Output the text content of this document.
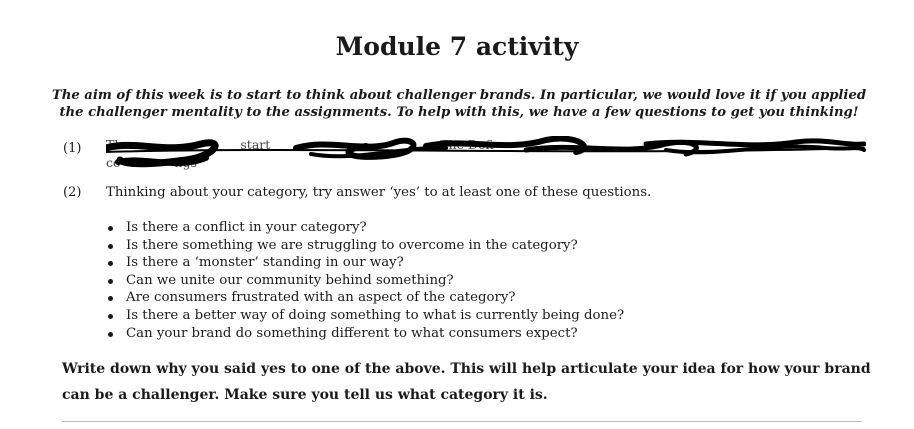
Module 7 activity
The aim of this week is to start to think about challenger brands. In particular, we would love it if you applied the challenger mentality to the assignments. To help with this, we have a few questions to get you thinking!
(1) Th	start	The Defi
co	ngs
(2) Thinking about your category, try answer ‘yes’ to at least one of these questions.
Is there a conflict in your category?
Is there something we are struggling to overcome in the category?
Is there a ‘monster’ standing in our way?
Can we unite our community behind something?
Are consumers frustrated with an aspect of the category?
Is there a better way of doing something to what is currently being done?
Can your brand do something different to what consumers expect?
Write down why you said yes to one of the above. This will help articulate your idea for how your brand can be a challenger. Make sure you tell us what category it is.
